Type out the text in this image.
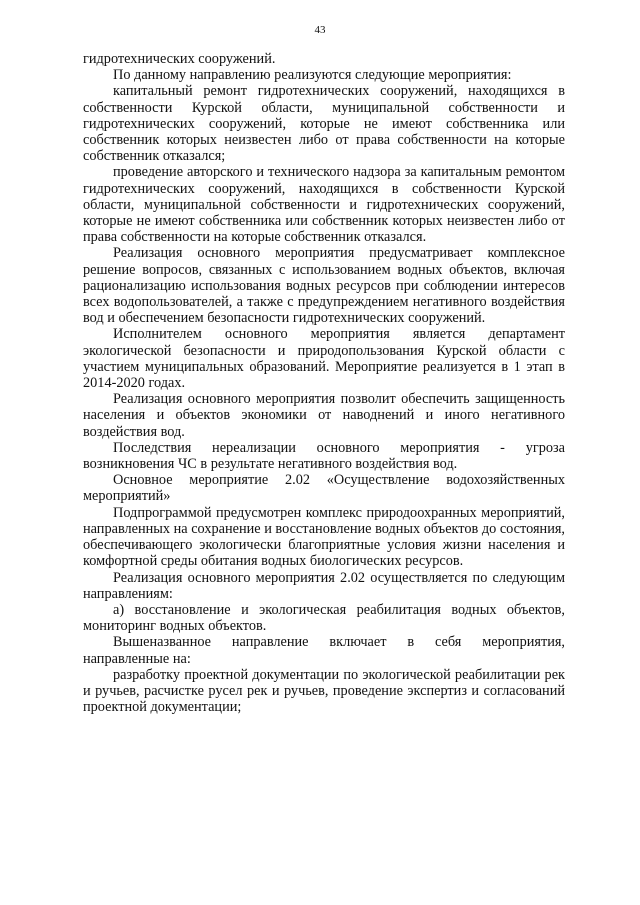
43

гидротехнических сооружений.

По данному направлению реализуются следующие мероприятия:

капитальный ремонт гидротехнических сооружений, находящихся в собственности Курской области, муниципальной собственности и гидротехнических сооружений, которые не имеют собственника или собственник которых неизвестен либо от права собственности на которые собственник отказался;

проведение авторского и технического надзора за капитальным ремонтом гидротехнических сооружений, находящихся в собственности Курской области, муниципальной собственности и гидротехнических сооружений, которые не имеют собственника или собственник которых неизвестен либо от права собственности на которые собственник отказался.

Реализация основного мероприятия предусматривает комплексное решение вопросов, связанных с использованием водных объектов, включая рационализацию использования водных ресурсов при соблюдении интересов всех водопользователей, а также с предупреждением негативного воздействия вод и обеспечением безопасности гидротехнических сооружений.

Исполнителем основного мероприятия является департамент экологической безопасности и природопользования Курской области с участием муниципальных образований. Мероприятие реализуется в 1 этап в 2014-2020 годах.

Реализация основного мероприятия позволит обеспечить защищенность населения и объектов экономики от наводнений и иного негативного воздействия вод.

Последствия нереализации основного мероприятия - угроза возникновения ЧС в результате негативного воздействия вод.

Основное мероприятие 2.02 «Осуществление водохозяйственных мероприятий»

Подпрограммой предусмотрен комплекс природоохранных мероприятий, направленных на сохранение и восстановление водных объектов до состояния, обеспечивающего экологически благоприятные условия жизни населения и комфортной среды обитания водных биологических ресурсов.

Реализация основного мероприятия 2.02 осуществляется по следующим направлениям:

а) восстановление и экологическая реабилитация водных объектов, мониторинг водных объектов.

Вышеназванное направление включает в себя мероприятия, направленные на:

разработку проектной документации по экологической реабилитации рек и ручьев, расчистке русел рек и ручьев, проведение экспертиз и согласований проектной документации;
